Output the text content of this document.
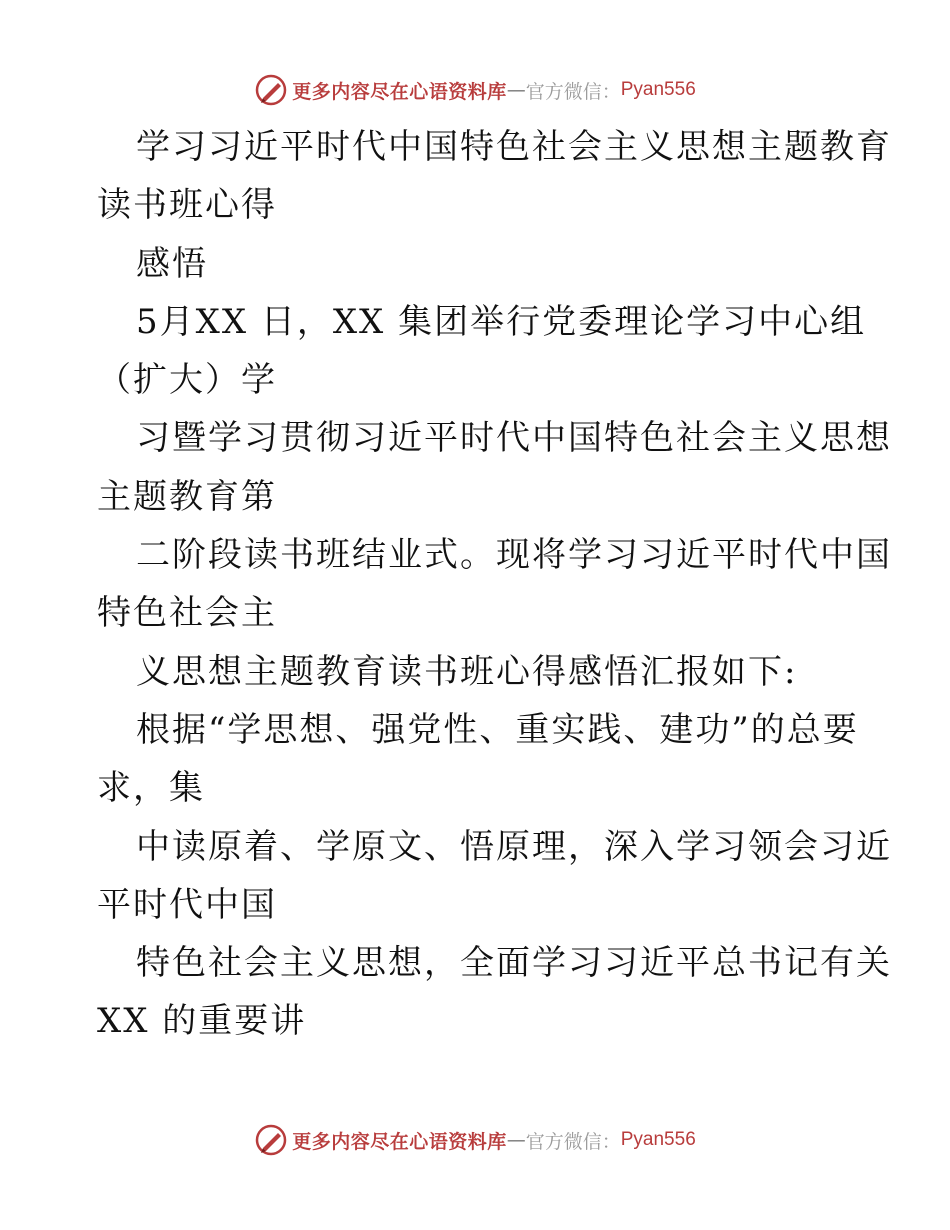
更多内容尽在心语资料库 — 官方微信： Pyan556
学习习近平时代中国特色社会主义思想主题教育
读书班心得
感悟
5月XX 日，XX 集团举行党委理论学习中心组
（扩大）学
习暨学习贯彻习近平时代中国特色社会主义思想
主题教育第
二阶段读书班结业式。现将学习习近平时代中国
特色社会主
义思想主题教育读书班心得感悟汇报如下:
根据“学思想、强党性、重实践、建功”的总要
求，集
中读原着、学原文、悟原理，深入学习领会习近
平时代中国
特色社会主义思想，全面学习习近平总书记有关
XX 的重要讲
更多内容尽在心语资料库 — 官方微信： Pyan556
